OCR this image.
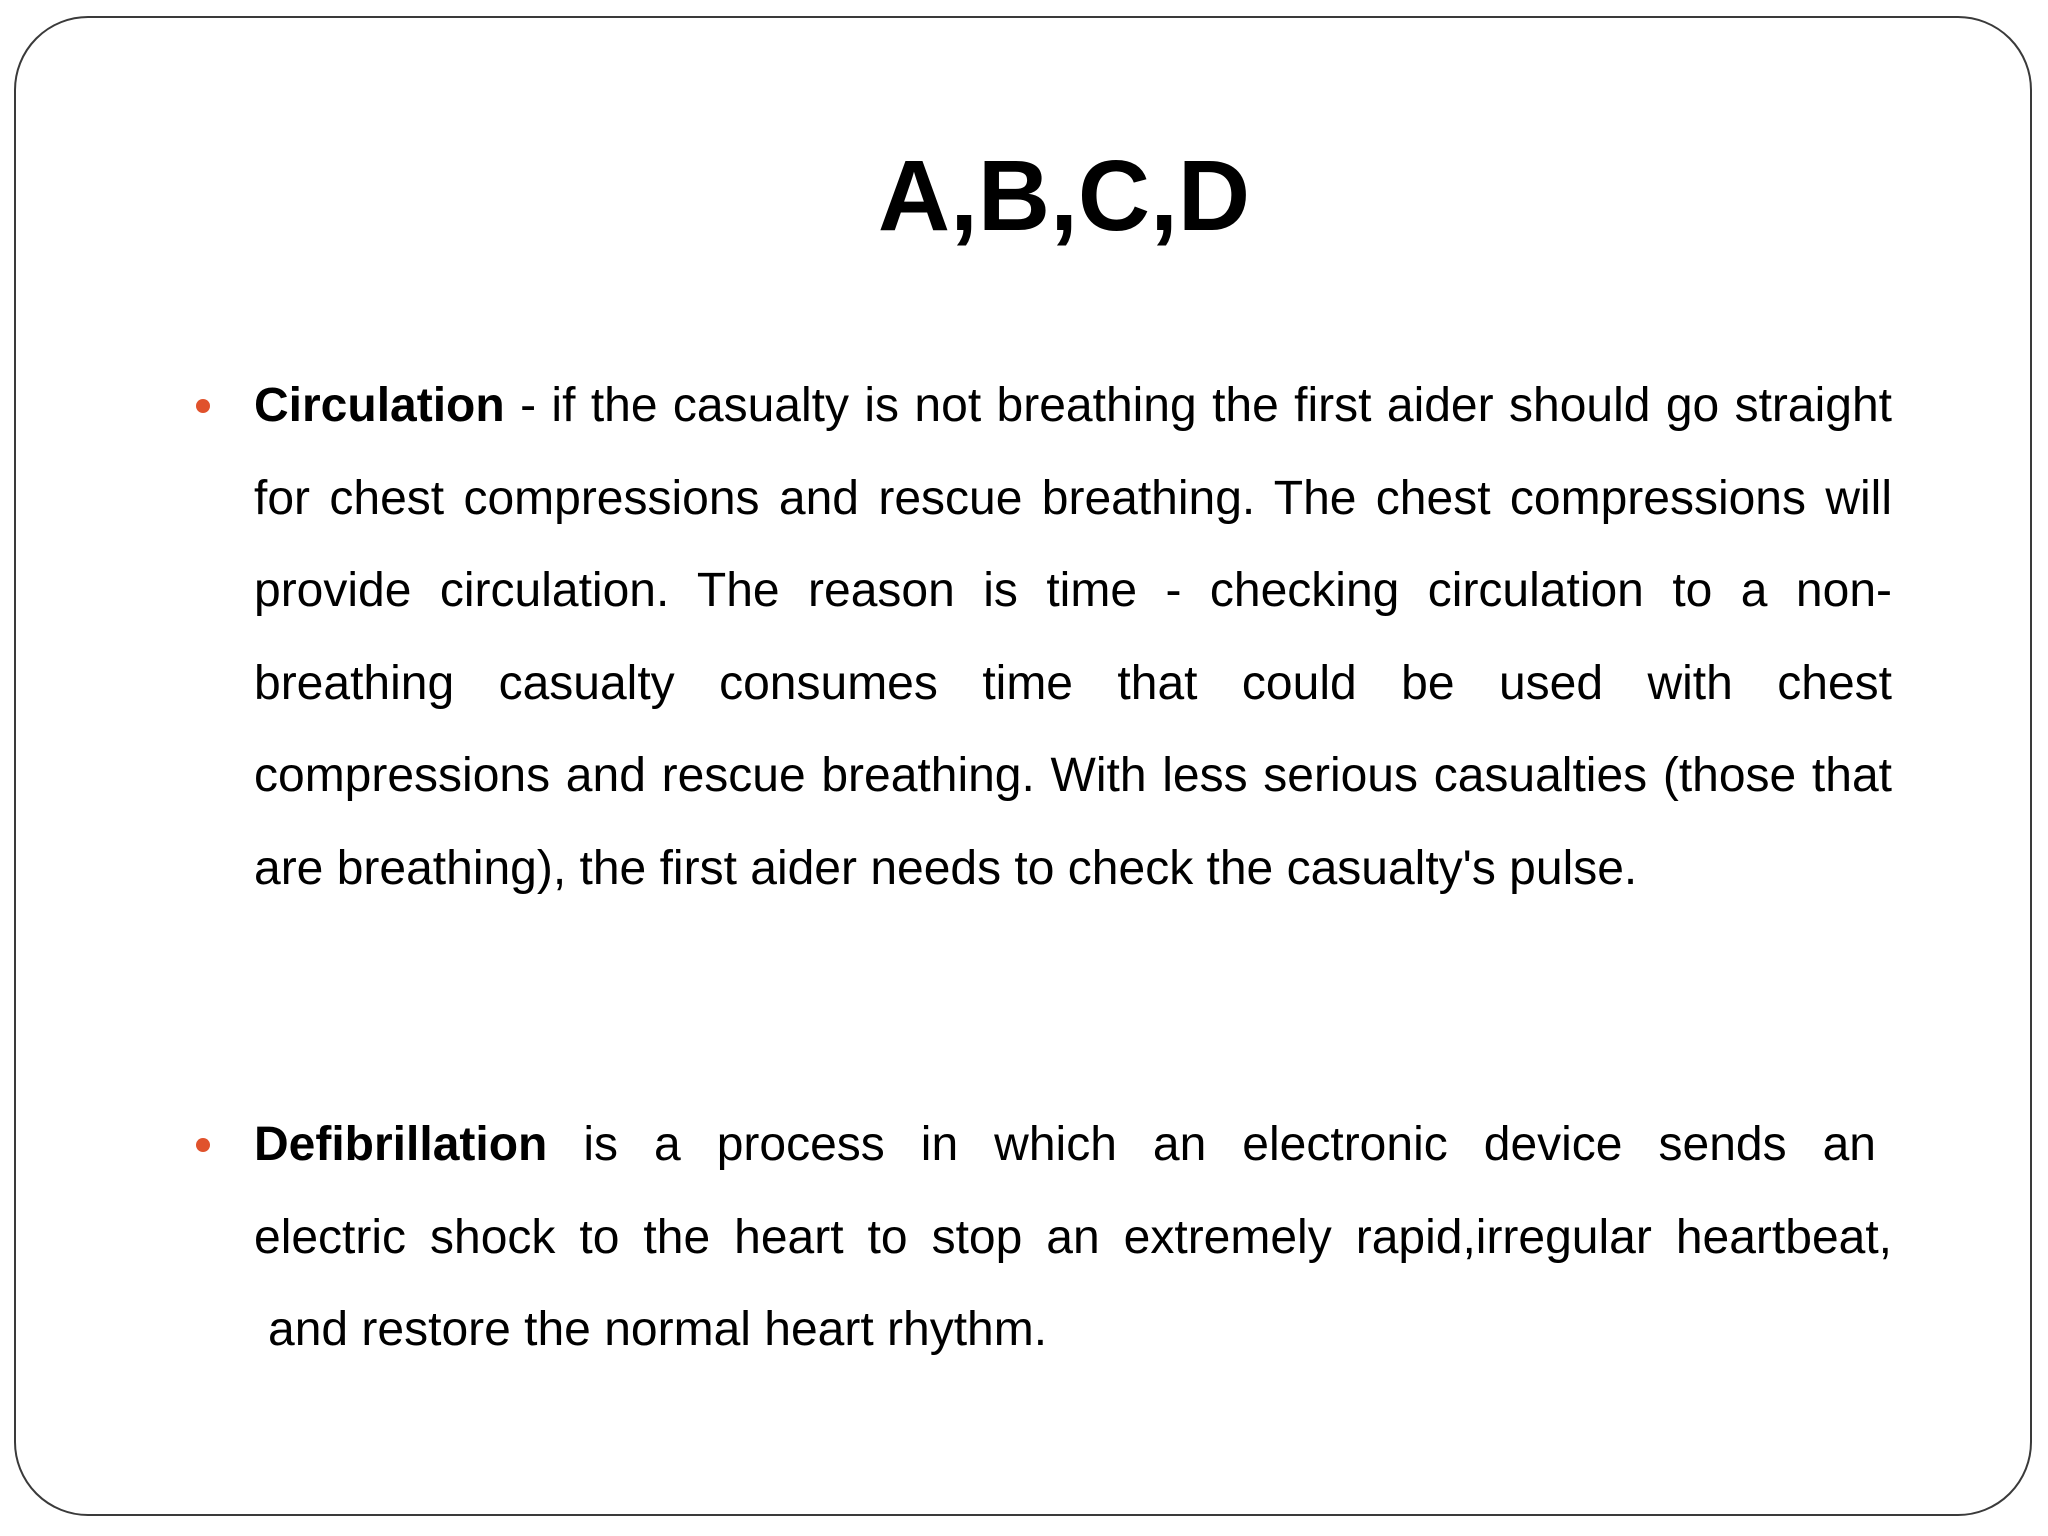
A,B,C,D

Circulation - if the casualty is not breathing the first aider should go straight for chest compressions and rescue breathing. The chest compressions will provide circulation. The reason is time - checking circulation to a non-breathing casualty consumes time that could be used with chest compressions and rescue breathing. With less serious casualties (those that are breathing), the first aider needs to check the casualty's pulse.

Defibrillation is a process in which an electronic device sends an
electric shock to the heart to stop an extremely rapid,irregular heartbeat,
and restore the normal heart rhythm.
